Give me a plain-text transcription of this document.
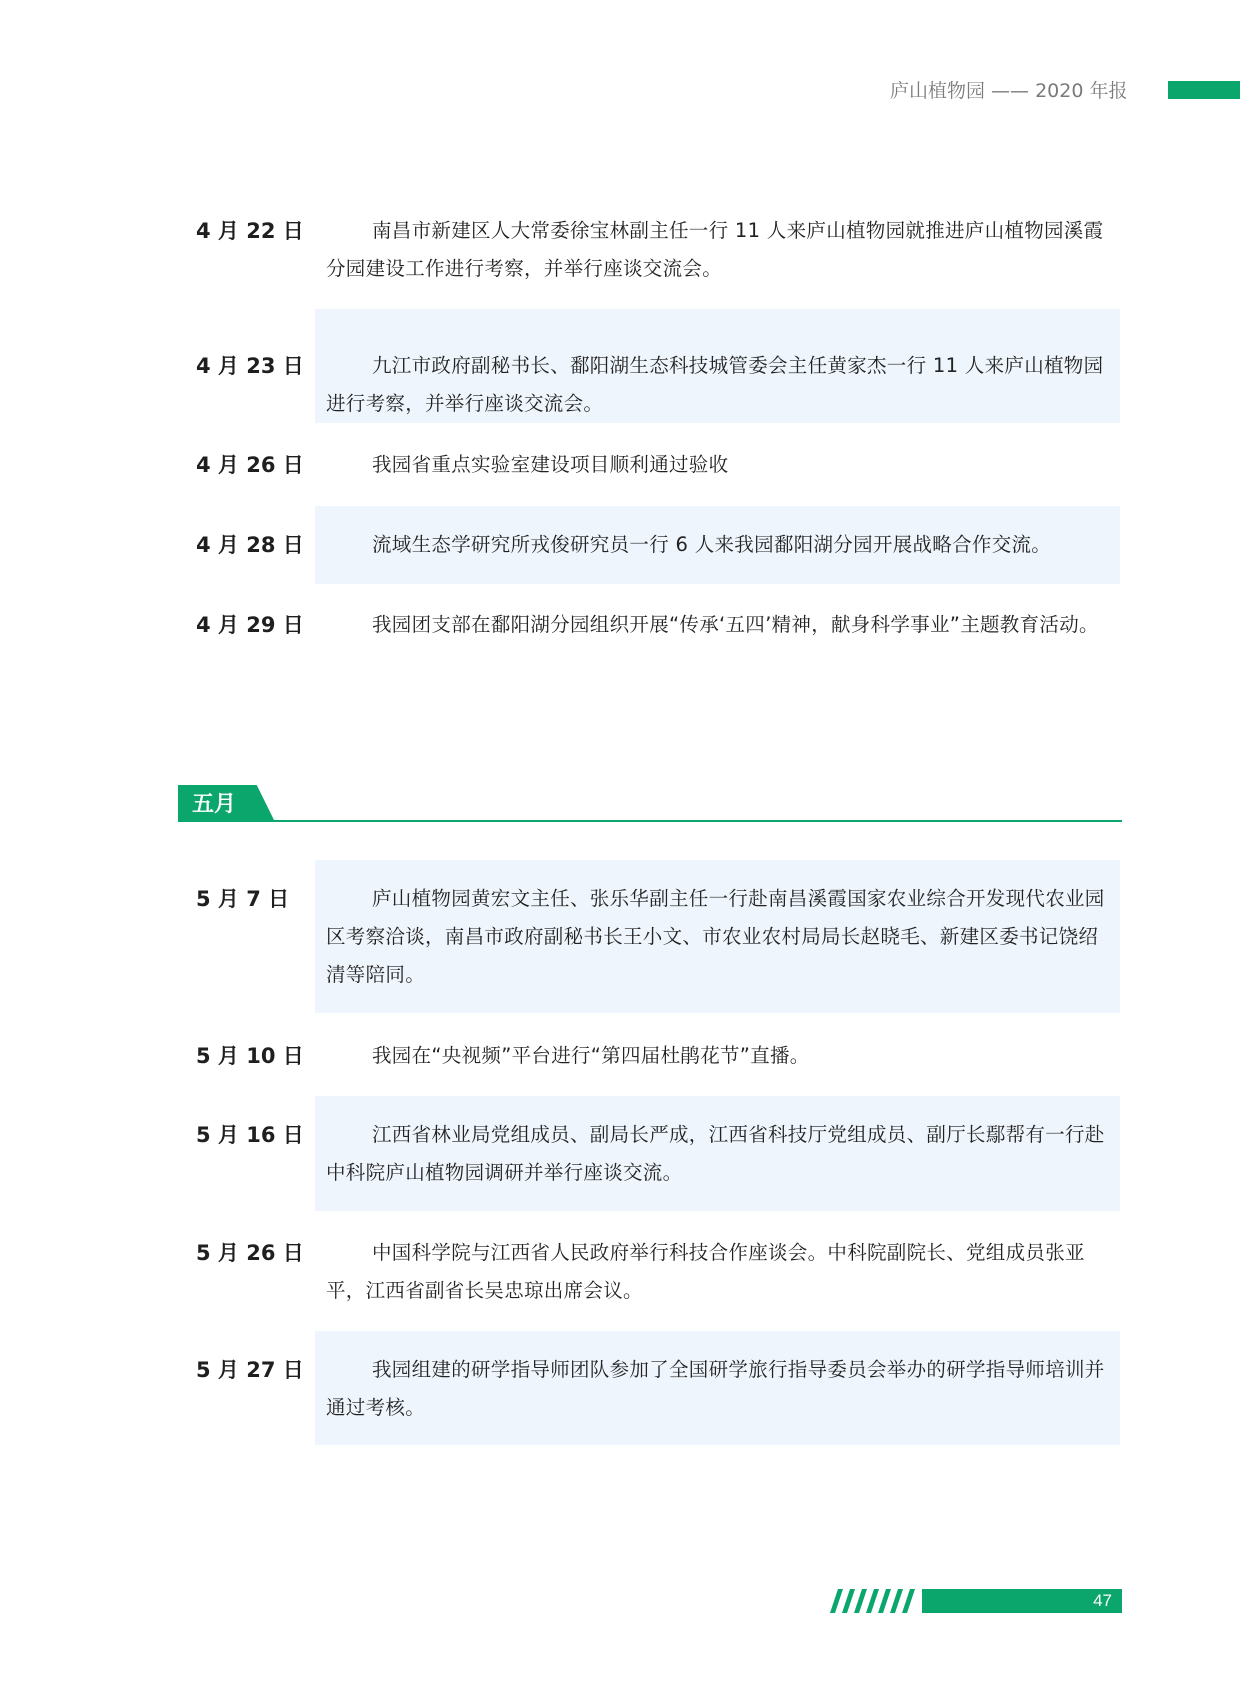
庐山植物园 —— 2020 年报
4 月 22 日	南昌市新建区人大常委徐宝林副主任一行 11 人来庐山植物园就推进庐山植物园溪霞分园建设工作进行考察，并举行座谈交流会。

4 月 23 日	九江市政府副秘书长、鄱阳湖生态科技城管委会主任黄家杰一行 11 人来庐山植物园进行考察，并举行座谈交流会。

4 月 26 日	我园省重点实验室建设项目顺利通过验收

4 月 28 日	流域生态学研究所戎俊研究员一行 6 人来我园鄱阳湖分园开展战略合作交流。

4 月 29 日	我园团支部在鄱阳湖分园组织开展“传承‘五四’精神，献身科学事业”主题教育活动。

五月
5 月 7 日	庐山植物园黄宏文主任、张乐华副主任一行赴南昌溪霞国家农业综合开发现代农业园区考察洽谈，南昌市政府副秘书长王小文、市农业农村局局长赵晓毛、新建区委书记饶绍清等陪同。

5 月 10 日	我园在“央视频”平台进行“第四届杜鹃花节”直播。

5 月 16 日	江西省林业局党组成员、副局长严成，江西省科技厅党组成员、副厅长鄢帮有一行赴中科院庐山植物园调研并举行座谈交流。

5 月 26 日	中国科学院与江西省人民政府举行科技合作座谈会。中科院副院长、党组成员张亚平，江西省副省长吴忠琼出席会议。

5 月 27 日	我园组建的研学指导师团队参加了全国研学旅行指导委员会举办的研学指导师培训并通过考核。

47
